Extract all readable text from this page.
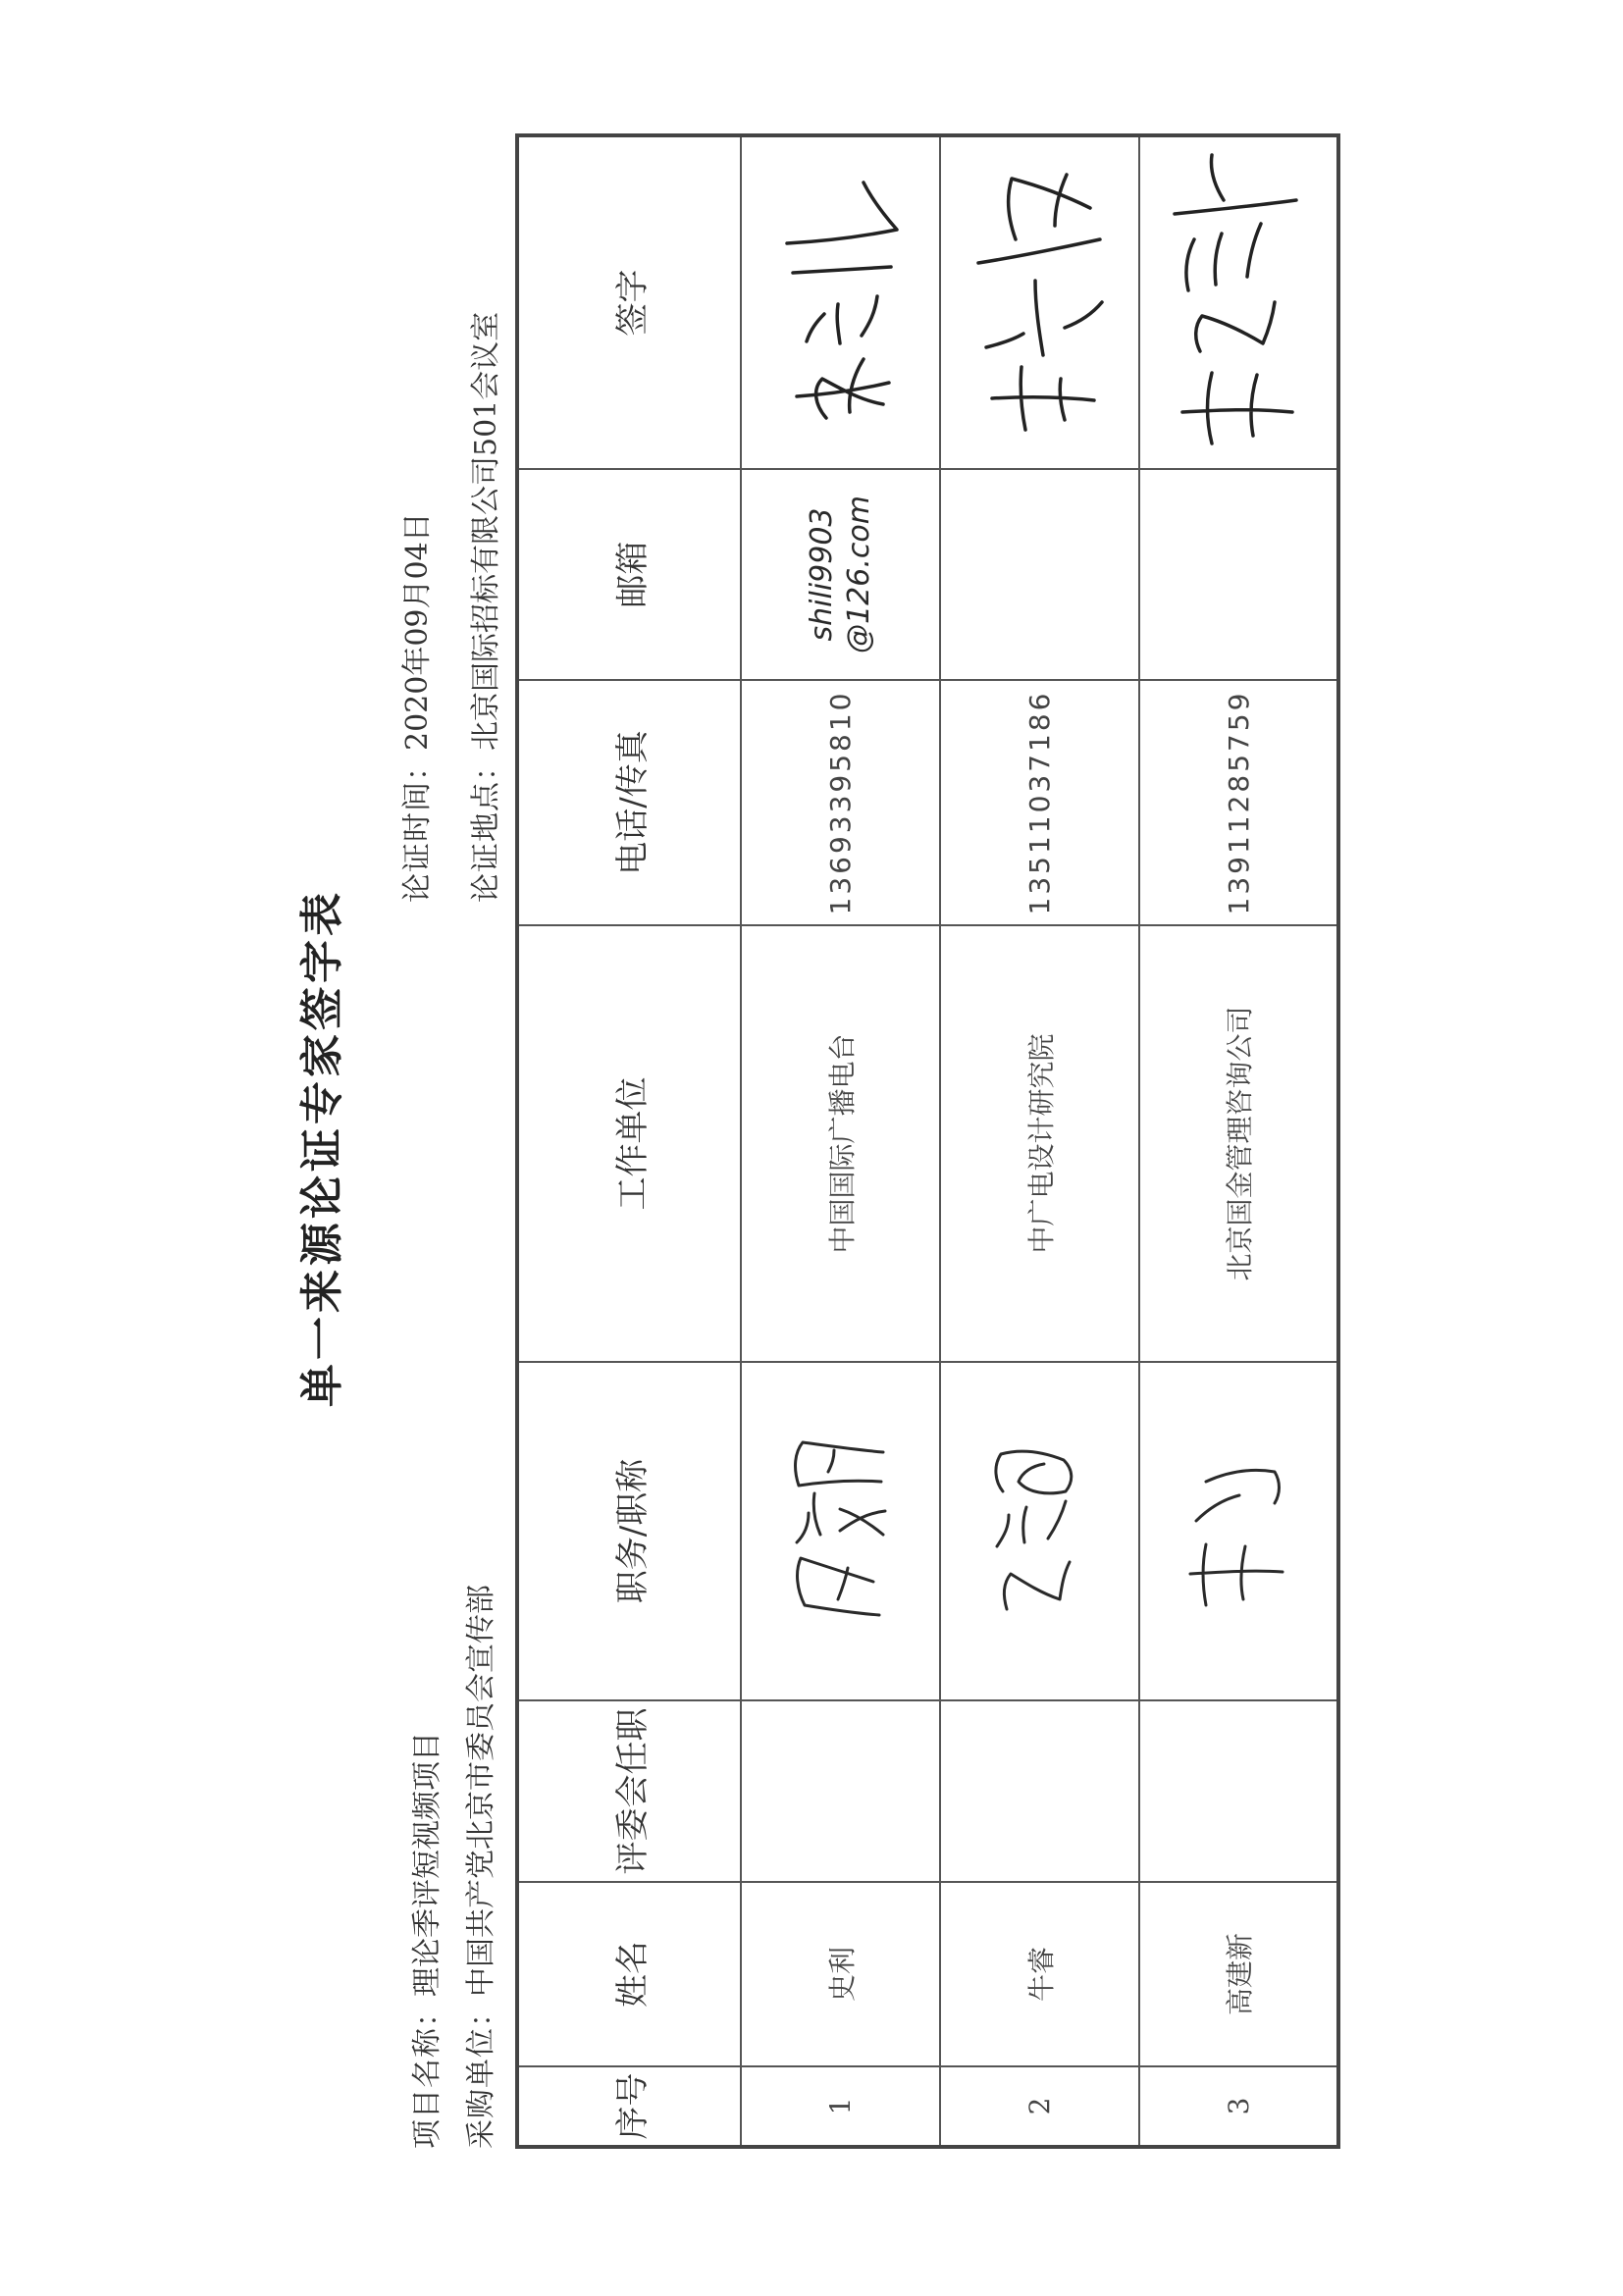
单一来源论证专家签字表
项目名称：理论季评短视频项目
采购单位：中国共产党北京市委员会宣传部
论证时间：2020年09月04日
论证地点：北京国际招标有限公司501会议室
序号	姓名	评委会任职	职务/职称	工作单位	电话/传真	邮箱	签字
1	史利			中国国际广播电台	13693395810	shili9903 @126.com

2	牛睿			中广电设计研究院	13511037186	

3	高建新			北京国金管理咨询公司	13911285759	
